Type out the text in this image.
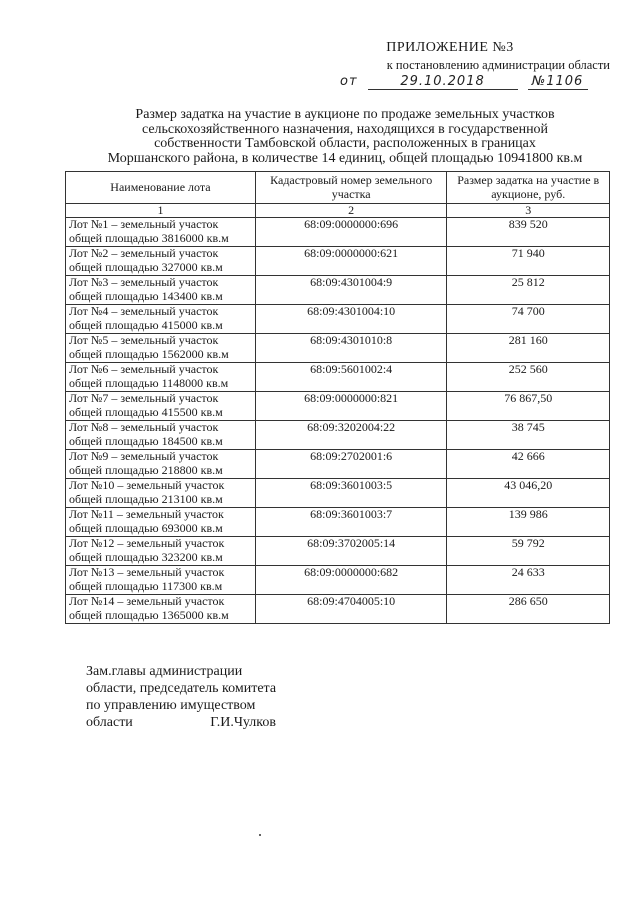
ПРИЛОЖЕНИЕ №3
к постановлению администрации области
от	29.10.2018	№1106
Размер задатка на участие в аукционе по продаже земельных участков
сельскохозяйственного назначения, находящихся в государственной
собственности Тамбовской области, расположенных в границах
Моршанского района, в количестве 14 единиц, общей площадью 10941800 кв.м
Наименование лота	Кадастровый номер земельного участка	Размер задатка на участие в аукционе, руб.
1	2	3

Лот №1 – земельный участок
общей площадью 3816000 кв.м	68:09:0000000:696	839 520

Лот №2 – земельный участок
общей площадью 327000 кв.м	68:09:0000000:621	71 940

Лот №3 – земельный участок
общей площадью 143400 кв.м	68:09:4301004:9	25 812

Лот №4 – земельный участок
общей площадью 415000 кв.м	68:09:4301004:10	74 700

Лот №5 – земельный участок
общей площадью 1562000 кв.м	68:09:4301010:8	281 160

Лот №6 – земельный участок
общей площадью 1148000 кв.м	68:09:5601002:4	252 560

Лот №7 – земельный участок
общей площадью 415500 кв.м	68:09:0000000:821	76 867,50

Лот №8 – земельный участок
общей площадью 184500 кв.м	68:09:3202004:22	38 745

Лот №9 – земельный участок
общей площадью 218800 кв.м	68:09:2702001:6	42 666

Лот №10 – земельный участок
общей площадью 213100 кв.м	68:09:3601003:5	43 046,20

Лот №11 – земельный участок
общей площадью 693000 кв.м	68:09:3601003:7	139 986

Лот №12 – земельный участок
общей площадью 323200 кв.м	68:09:3702005:14	59 792

Лот №13 – земельный участок
общей площадью 117300 кв.м	68:09:0000000:682	24 633

Лот №14 – земельный участок
общей площадью 1365000 кв.м	68:09:4704005:10	286 650
Зам.главы администрации
области, председатель комитета
по управлению имуществом
области	Г.И.Чулков
